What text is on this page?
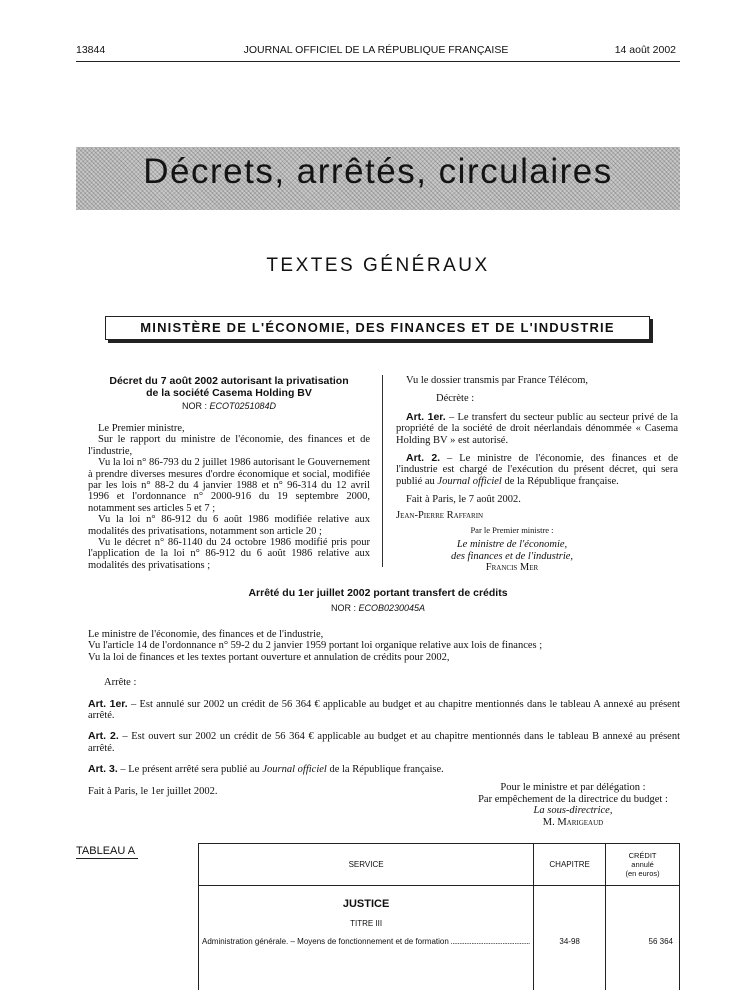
13844	JOURNAL OFFICIEL DE LA RÉPUBLIQUE FRANÇAISE	14 août 2002
Décrets, arrêtés, circulaires
TEXTES GÉNÉRAUX
MINISTÈRE DE L'ÉCONOMIE, DES FINANCES ET DE L'INDUSTRIE
Décret du 7 août 2002 autorisant la privatisation
de la société Casema Holding BV
NOR : ECOT0251084D

Le Premier ministre,

Sur le rapport du ministre de l'économie, des finances et de l'industrie,

Vu la loi n° 86-793 du 2 juillet 1986 autorisant le Gouvernement à prendre diverses mesures d'ordre économique et social, modifiée par les lois n° 88-2 du 4 janvier 1988 et n° 96-314 du 12 avril 1996 et l'ordonnance n° 2000-916 du 19 septembre 2000, notamment ses articles 5 et 7 ;

Vu la loi n° 86-912 du 6 août 1986 modifiée relative aux modalités des privatisations, notamment son article 20 ;

Vu le décret n° 86-1140 du 24 octobre 1986 modifié pris pour l'application de la loi n° 86-912 du 6 août 1986 relative aux modalités des privatisations ;

Vu le dossier transmis par France Télécom,

Décrète :

Art. 1er. – Le transfert du secteur public au secteur privé de la propriété de la société de droit néerlandais dénommée « Casema Holding BV » est autorisé.

Art. 2. – Le ministre de l'économie, des finances et de l'industrie est chargé de l'exécution du présent décret, qui sera publié au Journal officiel de la République française.

Fait à Paris, le 7 août 2002.

Jean-Pierre Raffarin

Par le Premier ministre :
Le ministre de l'économie,
des finances et de l'industrie,
Francis Mer
Arrêté du 1er juillet 2002 portant transfert de crédits
NOR : ECOB0230045A

Le ministre de l'économie, des finances et de l'industrie,

Vu l'article 14 de l'ordonnance n° 59-2 du 2 janvier 1959 portant loi organique relative aux lois de finances ;

Vu la loi de finances et les textes portant ouverture et annulation de crédits pour 2002,

Arrête :

Art. 1er. – Est annulé sur 2002 un crédit de 56 364 € applicable au budget et au chapitre mentionnés dans le tableau A annexé au présent arrêté.

Art. 2. – Est ouvert sur 2002 un crédit de 56 364 € applicable au budget et au chapitre mentionnés dans le tableau B annexé au présent arrêté.

Art. 3. – Le présent arrêté sera publié au Journal officiel de la République française.

Fait à Paris, le 1er juillet 2002.	Pour le ministre et par délégation :
Par empêchement de la directrice du budget :
La sous-directrice,
M. Marigeaud
TABLEAU A
SERVICE	CHAPITRE	CRÉDIT
annulé
(en euros)

JUSTICE
TITRE III
Administration générale. – Moyens de fonctionnement et de formation .....	34-98	56 364
